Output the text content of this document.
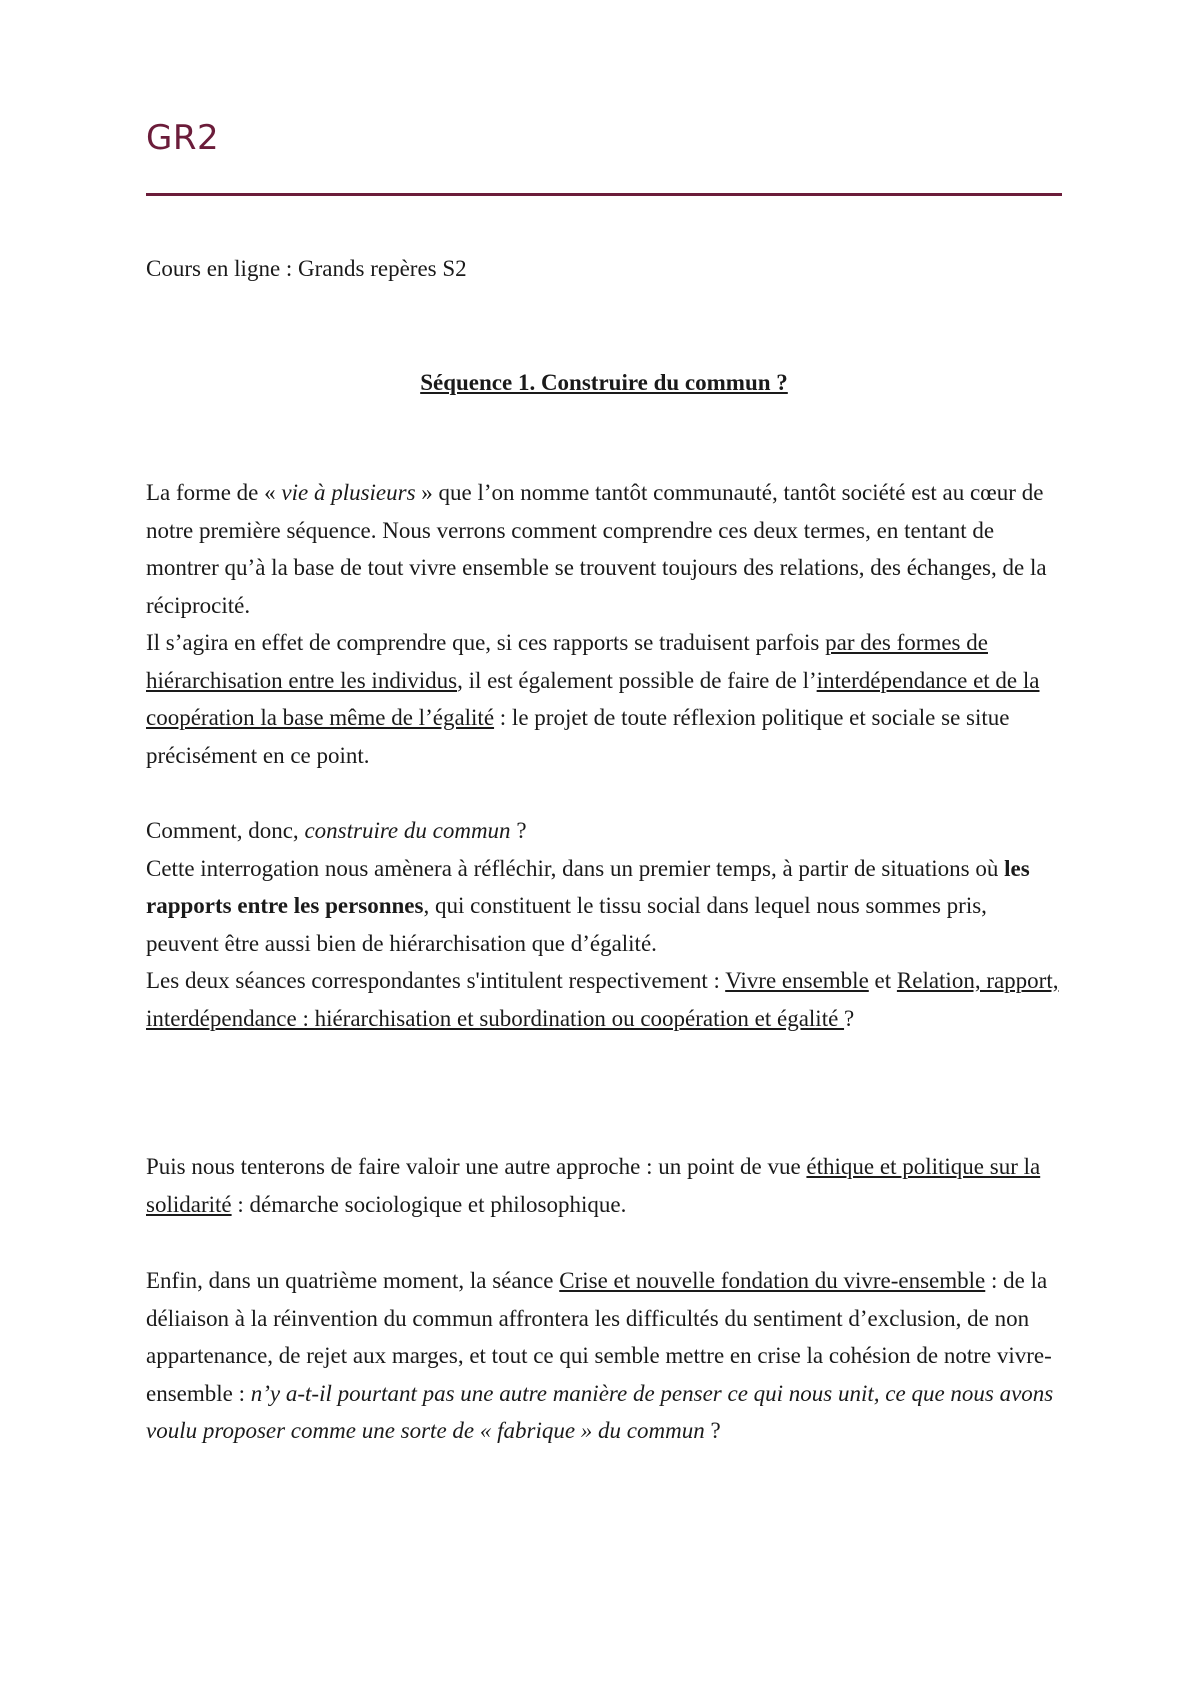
GR2

Cours en ligne : Grands repères S2

Séquence 1. Construire du commun ?

La forme de « vie à plusieurs » que l’on nomme tantôt communauté, tantôt société est au cœur de notre première séquence. Nous verrons comment comprendre ces deux termes, en tentant de montrer qu’à la base de tout vivre ensemble se trouvent toujours des relations, des échanges, de la réciprocité.
Il s’agira en effet de comprendre que, si ces rapports se traduisent parfois par des formes de hiérarchisation entre les individus, il est également possible de faire de l’interdépendance et de la coopération la base même de l’égalité : le projet de toute réflexion politique et sociale se situe précisément en ce point.
Comment, donc, construire du commun ?
Cette interrogation nous amènera à réfléchir, dans un premier temps, à partir de situations où les rapports entre les personnes, qui constituent le tissu social dans lequel nous sommes pris, peuvent être aussi bien de hiérarchisation que d’égalité.
Les deux séances correspondantes s'intitulent respectivement : Vivre ensemble et Relation, rapport, interdépendance : hiérarchisation et subordination ou coopération et égalité ?
Puis nous tenterons de faire valoir une autre approche : un point de vue éthique et politique sur la solidarité : démarche sociologique et philosophique.
Enfin, dans un quatrième moment, la séance Crise et nouvelle fondation du vivre-ensemble : de la déliaison à la réinvention du commun affrontera les difficultés du sentiment d’exclusion, de non appartenance, de rejet aux marges, et tout ce qui semble mettre en crise la cohésion de notre vivre-ensemble : n’y a-t-il pourtant pas une autre manière de penser ce qui nous unit, ce que nous avons voulu proposer comme une sorte de « fabrique » du commun ?
